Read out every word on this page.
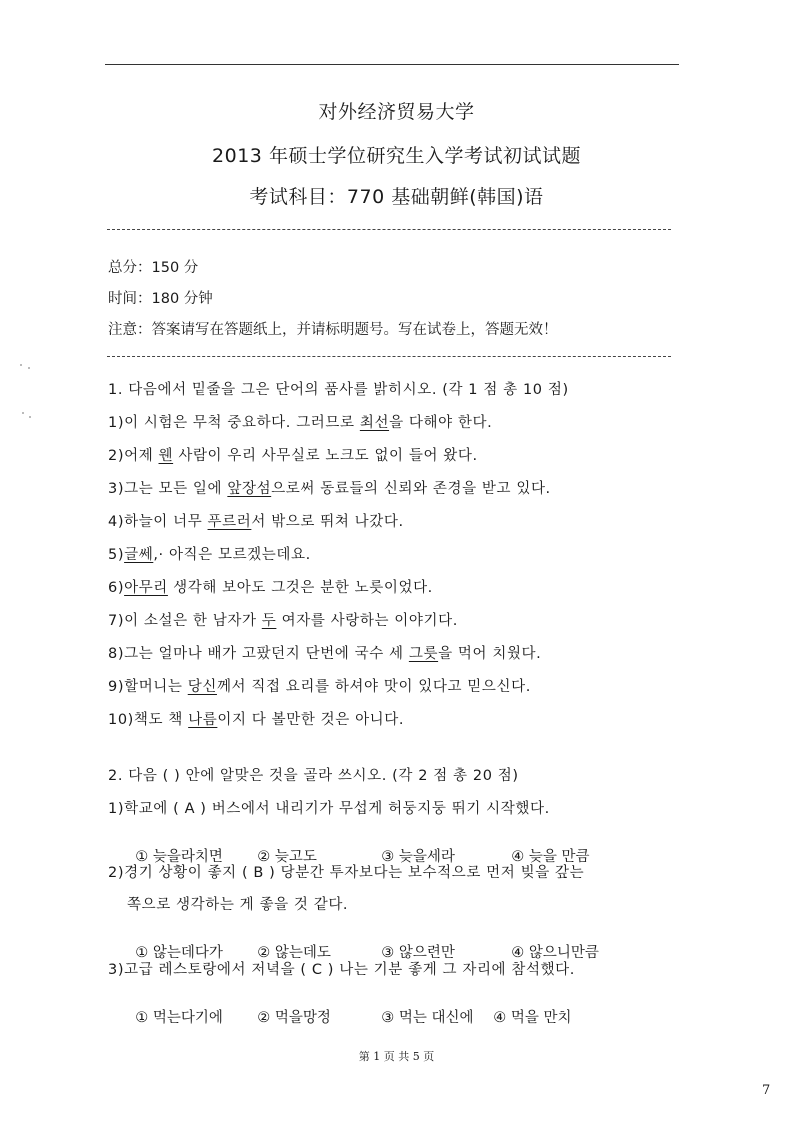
对外经济贸易大学
2013 年硕士学位研究生入学考试初试试题
考试科目：770 基础朝鲜(韩国)语
总分：150 分
时间：180 分钟
注意：答案请写在答题纸上，并请标明题号。写在试卷上，答题无效！
1. 다음에서 밑줄을 그은 단어의 품사를 밝히시오. (각 1 점 총 10 점)
1)이 시험은 무척 중요하다. 그러므로 최선을 다해야 한다.
2)어제 웬 사람이 우리 사무실로 노크도 없이 들어 왔다.
3)그는 모든 일에 앞장섬으로써 동료들의 신뢰와 존경을 받고 있다.
4)하늘이 너무 푸르러서 밖으로 뛰쳐 나갔다.
5)글쎄,· 아직은 모르겠는데요.
6)아무리 생각해 보아도 그것은 분한 노릇이었다.
7)이 소설은 한 남자가 두 여자를 사랑하는 이야기다.
8)그는 얼마나 배가 고팠던지 단번에 국수 세 그릇을 먹어 치웠다.
9)할머니는 당신께서 직접 요리를 하셔야 맛이 있다고 믿으신다.
10)책도 책 나름이지 다 볼만한 것은 아니다.
2. 다음 ( ) 안에 알맞은 것을 골라 쓰시오. (각 2 점 총 20 점)
1)학교에 ( A ) 버스에서 내리기가 무섭게 허둥지둥 뛰기 시작했다.

① 늦을라치면 ② 늦고도	③ 늦을세라	④ 늦을 만큼

2)경기 상황이 좋지 ( B ) 당분간 투자보다는 보수적으로 먼저 빚을 갚는
쪽으로 생각하는 게 좋을 것 같다.

① 않는데다가 ② 않는데도	③ 않으련만	④ 않으니만큼

3)고급 레스토랑에서 저녁을 ( C ) 나는 기분 좋게 그 자리에 참석했다.

① 먹는다기에 ② 먹을망정	③ 먹는 대신에 ④ 먹을 만치

第 1 页 共 5 页
7
